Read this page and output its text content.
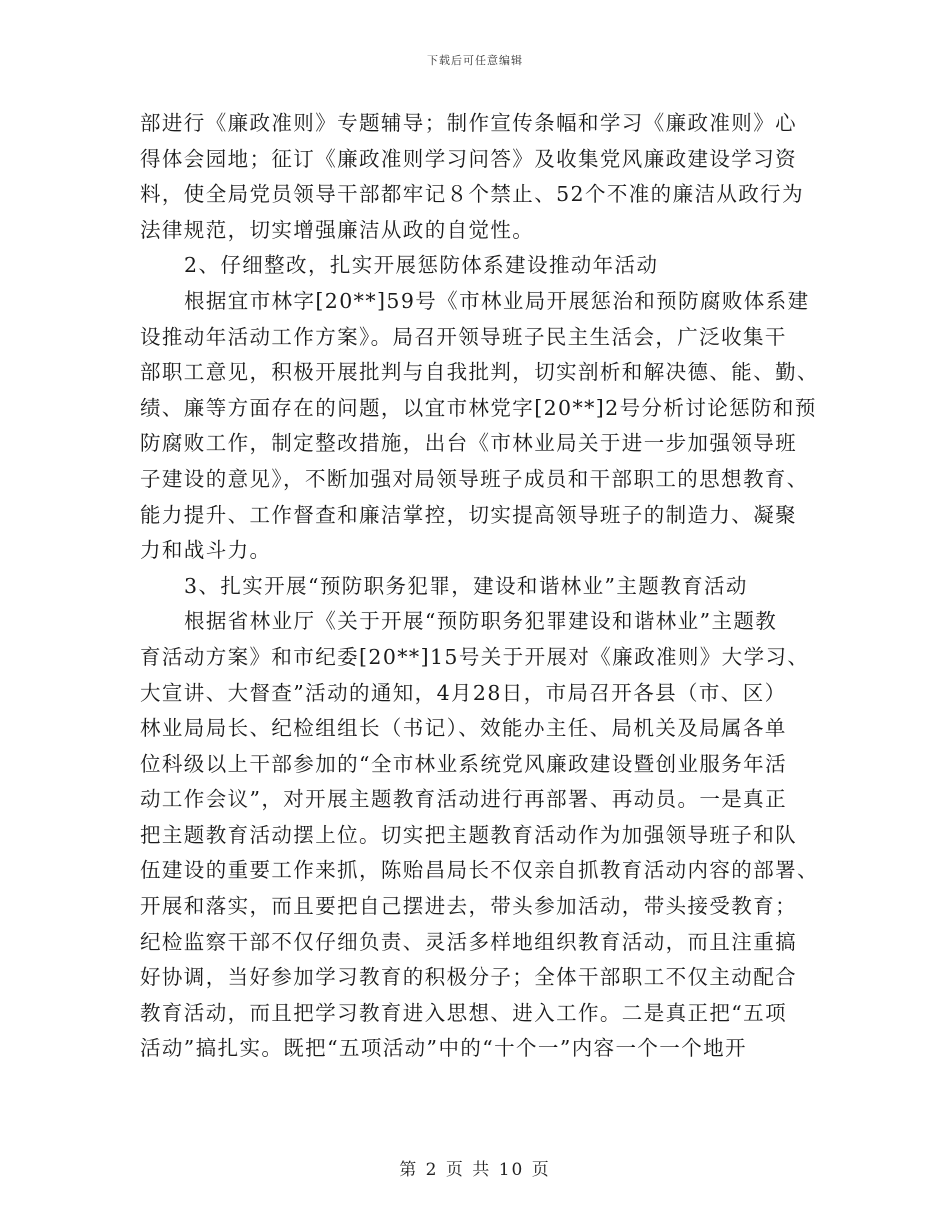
下载后可任意编辑

部进行《廉政准则》专题辅导；制作宣传条幅和学习《廉政准则》心
得体会园地；征订《廉政准则学习问答》及收集党风廉政建设学习资
料，使全局党员领导干部都牢记８个禁止、52个不准的廉洁从政行为
法律规范，切实增强廉洁从政的自觉性。

2、仔细整改，扎实开展惩防体系建设推动年活动

根据宜市林字[20**]59号《市林业局开展惩治和预防腐败体系建
设推动年活动工作方案》。局召开领导班子民主生活会，广泛收集干
部职工意见，积极开展批判与自我批判，切实剖析和解决德、能、勤、
绩、廉等方面存在的问题，以宜市林党字[20**]2号分析讨论惩防和预
防腐败工作，制定整改措施，出台《市林业局关于进一步加强领导班
子建设的意见》，不断加强对局领导班子成员和干部职工的思想教育、
能力提升、工作督查和廉洁掌控，切实提高领导班子的制造力、凝聚
力和战斗力。

3、扎实开展“预防职务犯罪，建设和谐林业”主题教育活动

根据省林业厅《关于开展“预防职务犯罪建设和谐林业”主题教
育活动方案》和市纪委[20**]15号关于开展对《廉政准则》大学习、
大宣讲、大督查”活动的通知，4月28日，市局召开各县（市、区）
林业局局长、纪检组组长（书记）、效能办主任、局机关及局属各单
位科级以上干部参加的“全市林业系统党风廉政建设暨创业服务年活
动工作会议”，对开展主题教育活动进行再部署、再动员。一是真正
把主题教育活动摆上位。切实把主题教育活动作为加强领导班子和队
伍建设的重要工作来抓，陈贻昌局长不仅亲自抓教育活动内容的部署、
开展和落实，而且要把自己摆进去，带头参加活动，带头接受教育；
纪检监察干部不仅仔细负责、灵活多样地组织教育活动，而且注重搞
好协调，当好参加学习教育的积极分子；全体干部职工不仅主动配合
教育活动，而且把学习教育进入思想、进入工作。二是真正把“五项
活动”搞扎实。既把“五项活动”中的“十个一”内容一个一个地开

第 2 页 共 10 页
